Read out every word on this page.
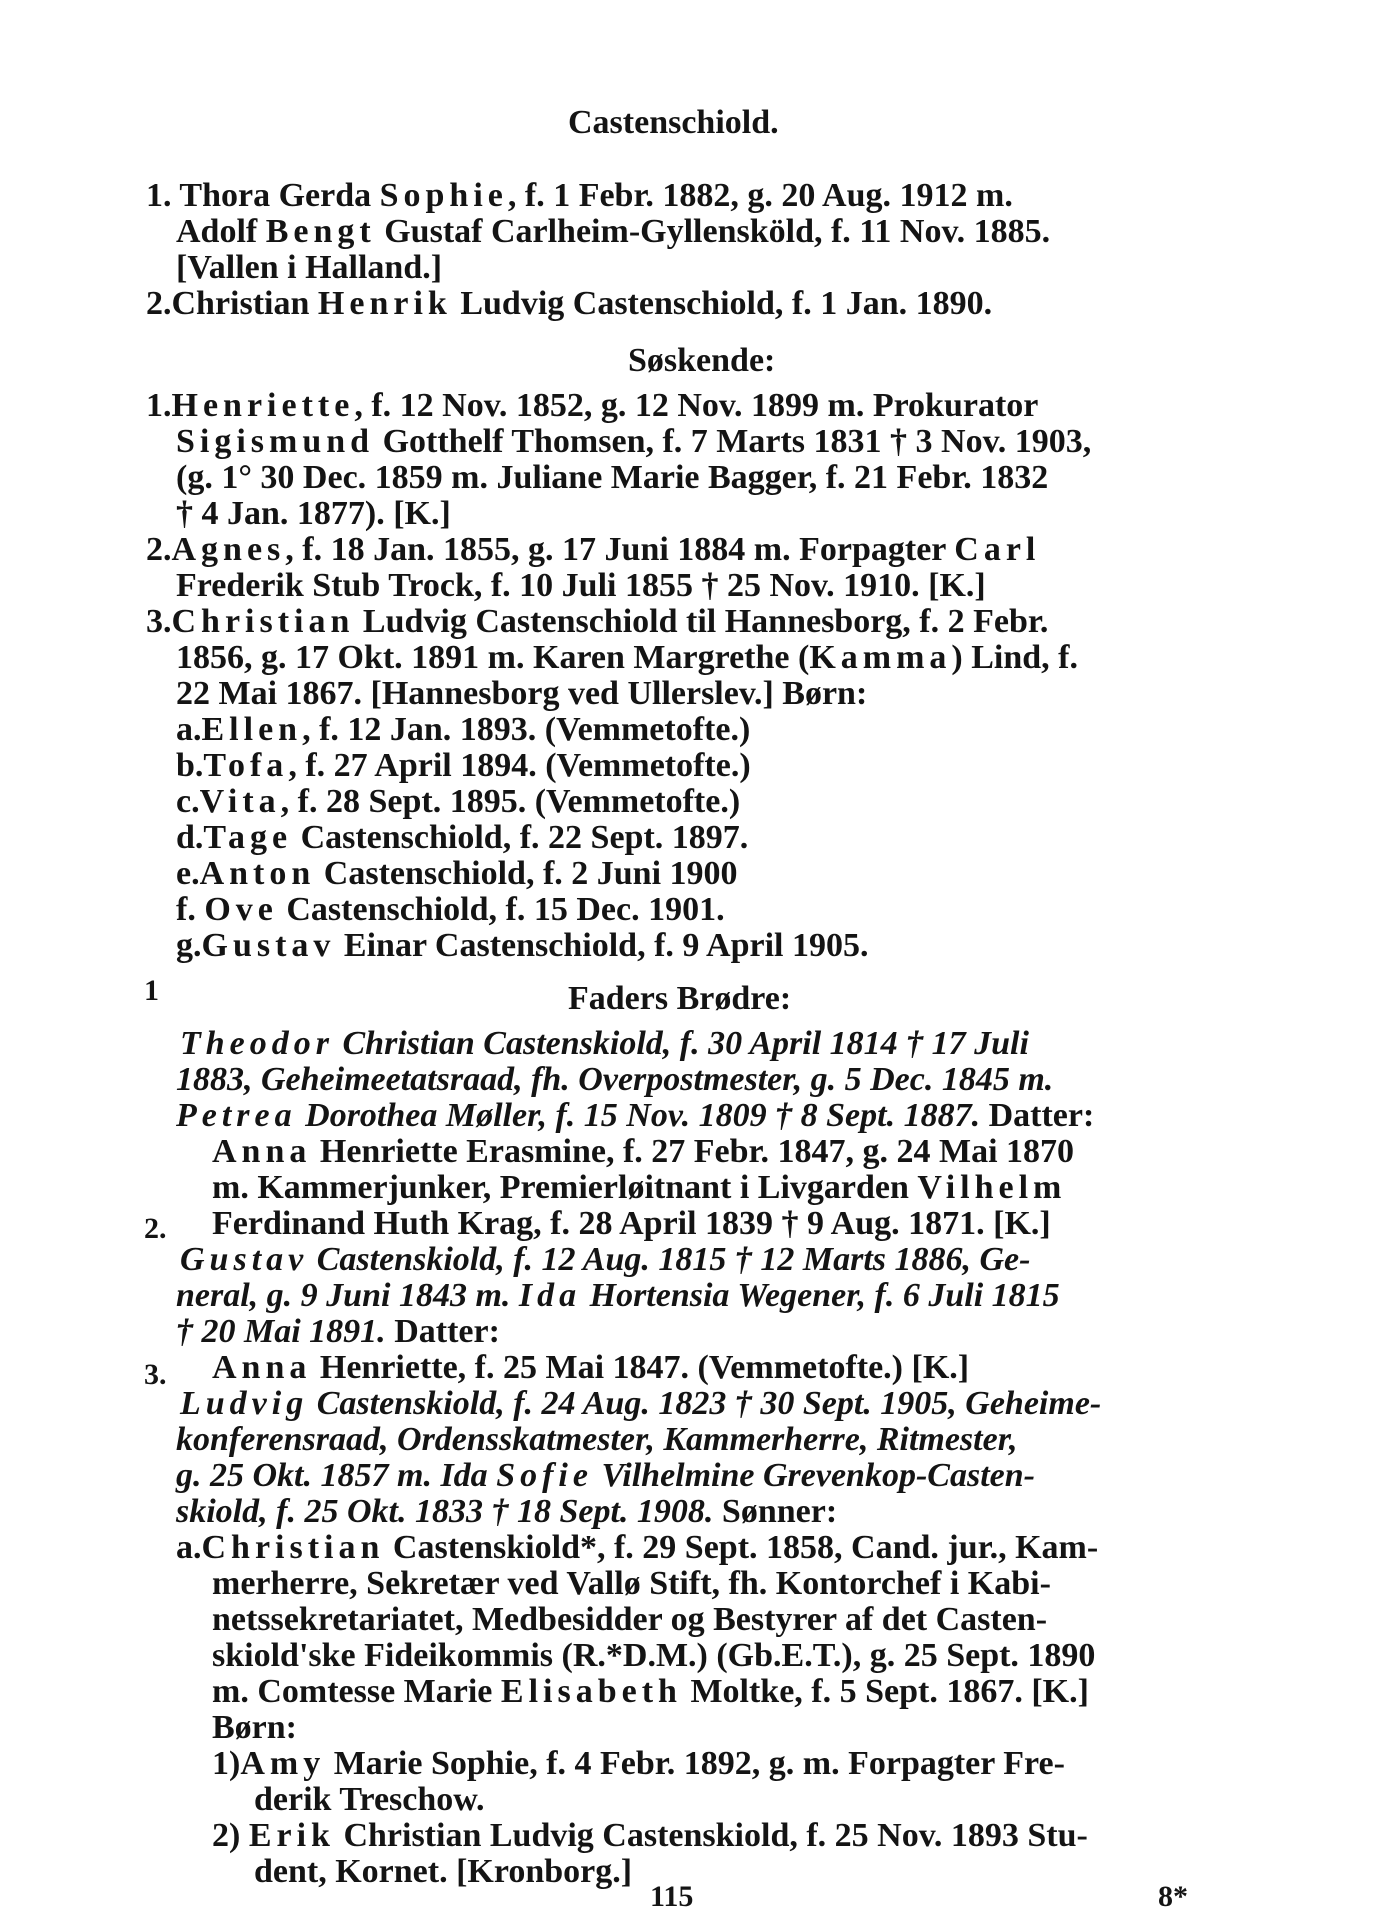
Castenschiold.
1. Thora Gerda Sophie, f. 1 Febr. 1882, g. 20 Aug. 1912 m.
Adolf Bengt Gustaf Carlheim-Gyllenskӧld, f. 11 Nov. 1885.
[Vallen i Halland.]
2.Christian Henrik Ludvig Castenschiold, f. 1 Jan. 1890.
Søskende:
1.Henriette, f. 12 Nov. 1852, g. 12 Nov. 1899 m. Prokurator
Sigismund Gotthelf Thomsen, f. 7 Marts 1831 † 3 Nov. 1903,
(g. 1° 30 Dec. 1859 m. Juliane Marie Bagger, f. 21 Febr. 1832
† 4 Jan. 1877). [K.]
2.Agnes, f. 18 Jan. 1855, g. 17 Juni 1884 m. Forpagter Carl
Frederik Stub Trock, f. 10 Juli 1855 † 25 Nov. 1910. [K.]
3.Christian Ludvig Castenschiold til Hannesborg, f. 2 Febr.
1856, g. 17 Okt. 1891 m. Karen Margrethe (Kamma) Lind, f.
22 Mai 1867. [Hannesborg ved Ullerslev.] Børn:
a.Ellen, f. 12 Jan. 1893. (Vemmetofte.)
b.Tofa, f. 27 April 1894. (Vemmetofte.)
c.Vita, f. 28 Sept. 1895. (Vemmetofte.)
d.Tage Castenschiold, f. 22 Sept. 1897.
e.Anton Castenschiold, f. 2 Juni 1900
f. Ove Castenschiold, f. 15 Dec. 1901.
g.Gustav Einar Castenschiold, f. 9 April 1905.
1	Faders Brødre:
Theodor Christian Castenskiold, f. 30 April 1814 † 17 Juli
1883, Geheimeetatsraad, fh. Overpostmester, g. 5 Dec. 1845 m.
Petrea Dorothea Møller, f. 15 Nov. 1809 † 8 Sept. 1887. Datter:
Anna Henriette Erasmine, f. 27 Febr. 1847, g. 24 Mai 1870
m. Kammerjunker, Premierløitnant i Livgarden Vilhelm
2. Ferdinand Huth Krag, f. 28 April 1839 † 9 Aug. 1871. [K.]
Gustav Castenskiold, f. 12 Aug. 1815 † 12 Marts 1886, Ge-
neral, g. 9 Juni 1843 m. Ida Hortensia Wegener, f. 6 Juli 1815
† 20 Mai 1891. Datter:
3. Anna Henriette, f. 25 Mai 1847. (Vemmetofte.) [K.]
Ludvig Castenskiold, f. 24 Aug. 1823 † 30 Sept. 1905, Geheime-
konferensraad, Ordensskatmester, Kammerherre, Ritmester,
g. 25 Okt. 1857 m. Ida Sofie Vilhelmine Grevenkop-Casten-
skiold, f. 25 Okt. 1833 † 18 Sept. 1908. Sønner:
a.Christian Castenskiold*, f. 29 Sept. 1858, Cand. jur., Kam-
merherre, Sekretær ved Vallø Stift, fh. Kontorchef i Kabi-
netssekretariatet, Medbesidder og Bestyrer af det Casten-
skiold'ske Fideikommis (R.*D.M.) (Gb.E.T.), g. 25 Sept. 1890
m. Comtesse Marie Elisabeth Moltke, f. 5 Sept. 1867. [K.]
Børn:
1)Amy Marie Sophie, f. 4 Febr. 1892, g. m. Forpagter Fre-
derik Treschow.
2) Erik Christian Ludvig Castenskiold, f. 25 Nov. 1893 Stu-
dent, Kornet. [Kronborg.]
115	8*
